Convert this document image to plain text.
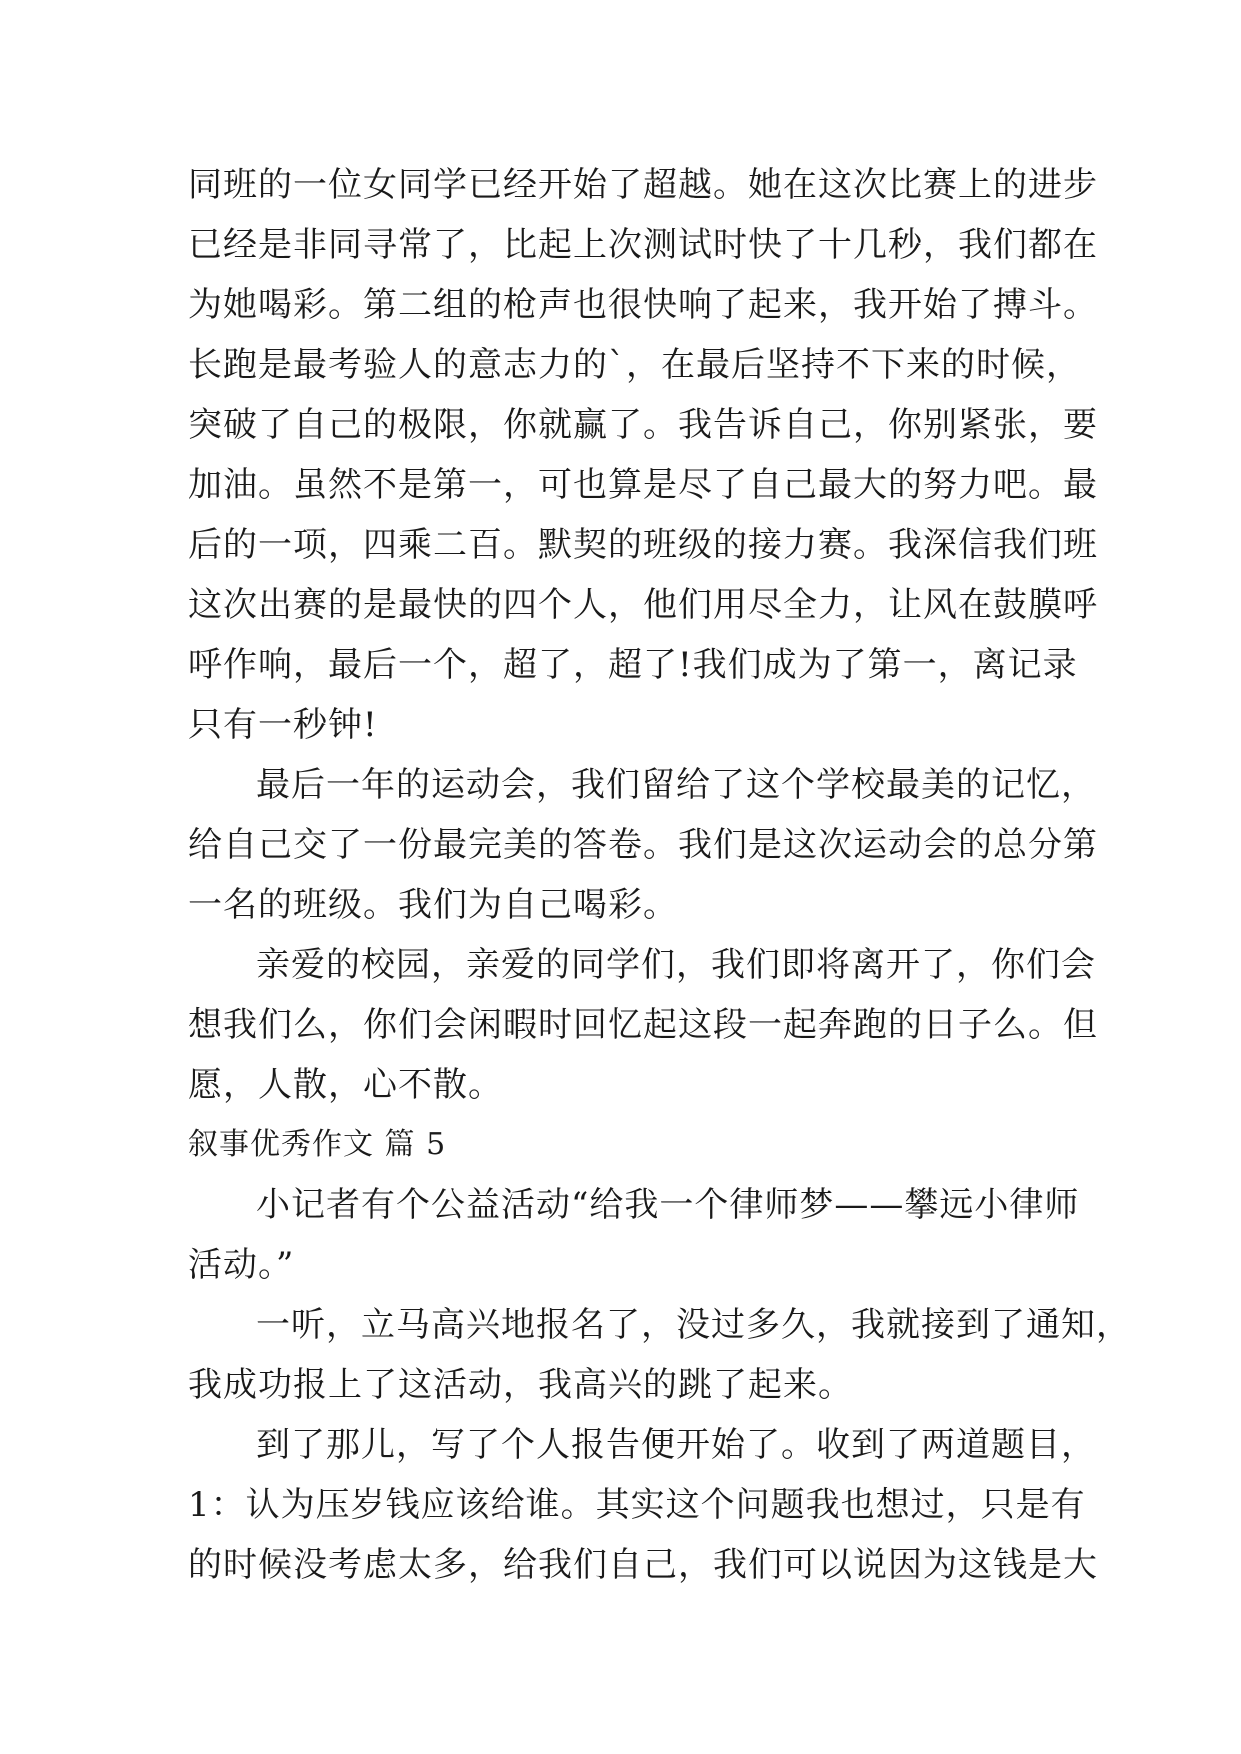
同班的一位女同学已经开始了超越。她在这次比赛上的进步
已经是非同寻常了，比起上次测试时快了十几秒，我们都在
为她喝彩。第二组的枪声也很快响了起来，我开始了搏斗。
长跑是最考验人的意志力的`，在最后坚持不下来的时候，
突破了自己的极限，你就赢了。我告诉自己，你别紧张，要
加油。虽然不是第一，可也算是尽了自己最大的努力吧。最
后的一项，四乘二百。默契的班级的接力赛。我深信我们班
这次出赛的是最快的四个人，他们用尽全力，让风在鼓膜呼
呼作响，最后一个，超了，超了!我们成为了第一，离记录
只有一秒钟!
最后一年的运动会，我们留给了这个学校最美的记忆，
给自己交了一份最完美的答卷。我们是这次运动会的总分第
一名的班级。我们为自己喝彩。
亲爱的校园，亲爱的同学们，我们即将离开了，你们会
想我们么，你们会闲暇时回忆起这段一起奔跑的日子么。但
愿，人散，心不散。
叙事优秀作文 篇 5
小记者有个公益活动“给我一个律师梦——攀远小律师
活动。”
一听，立马高兴地报名了，没过多久，我就接到了通知，
我成功报上了这活动，我高兴的跳了起来。
到了那儿，写了个人报告便开始了。收到了两道题目，
1：认为压岁钱应该给谁。其实这个问题我也想过，只是有
的时候没考虑太多，给我们自己，我们可以说因为这钱是大
